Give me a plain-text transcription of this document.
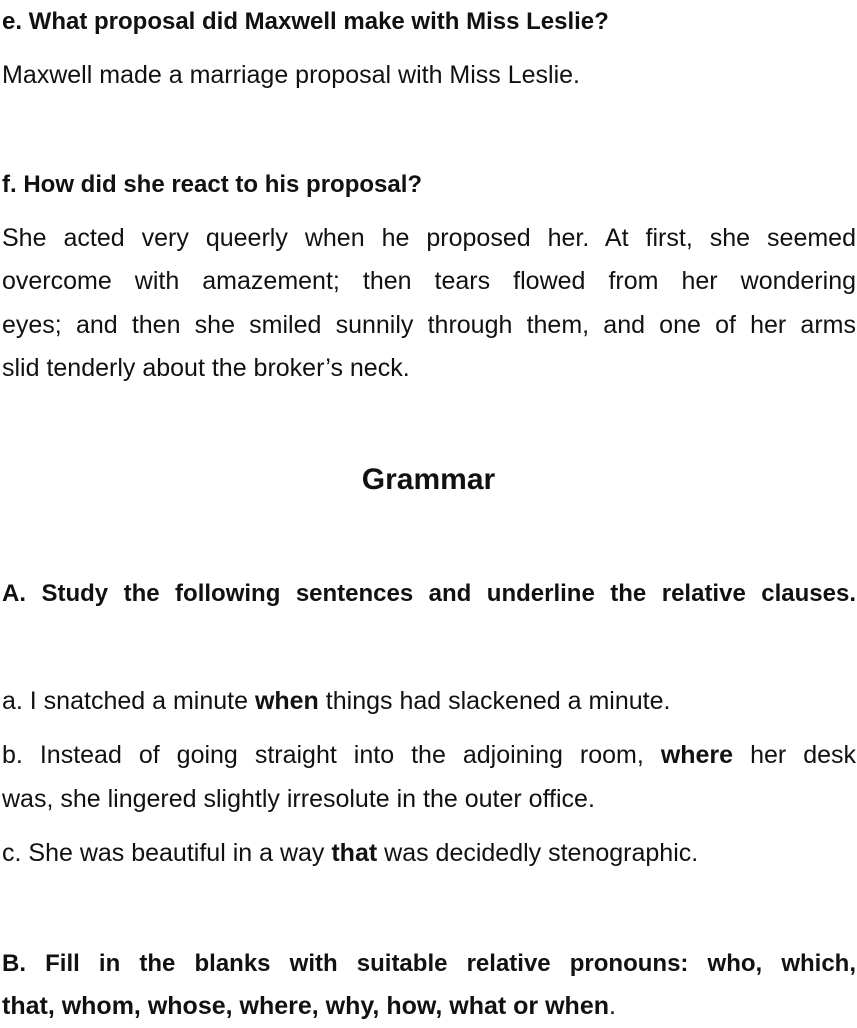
e. What proposal did Maxwell make with Miss Leslie?

Maxwell made a marriage proposal with Miss Leslie.

f. How did she react to his proposal?

She acted very queerly when he proposed her. At first, she seemed

overcome with amazement; then tears flowed from her wondering

eyes; and then she smiled sunnily through them, and one of her arms

slid tenderly about the broker’s neck.

Grammar

A. Study the following sentences and underline the relative clauses.

a. I snatched a minute when things had slackened a minute.

b. Instead of going straight into the adjoining room, where her desk

was, she lingered slightly irresolute in the outer office.

c. She was beautiful in a way that was decidedly stenographic.

B. Fill in the blanks with suitable relative pronouns: who, which,

that, whom, whose, where, why, how, what or when.
